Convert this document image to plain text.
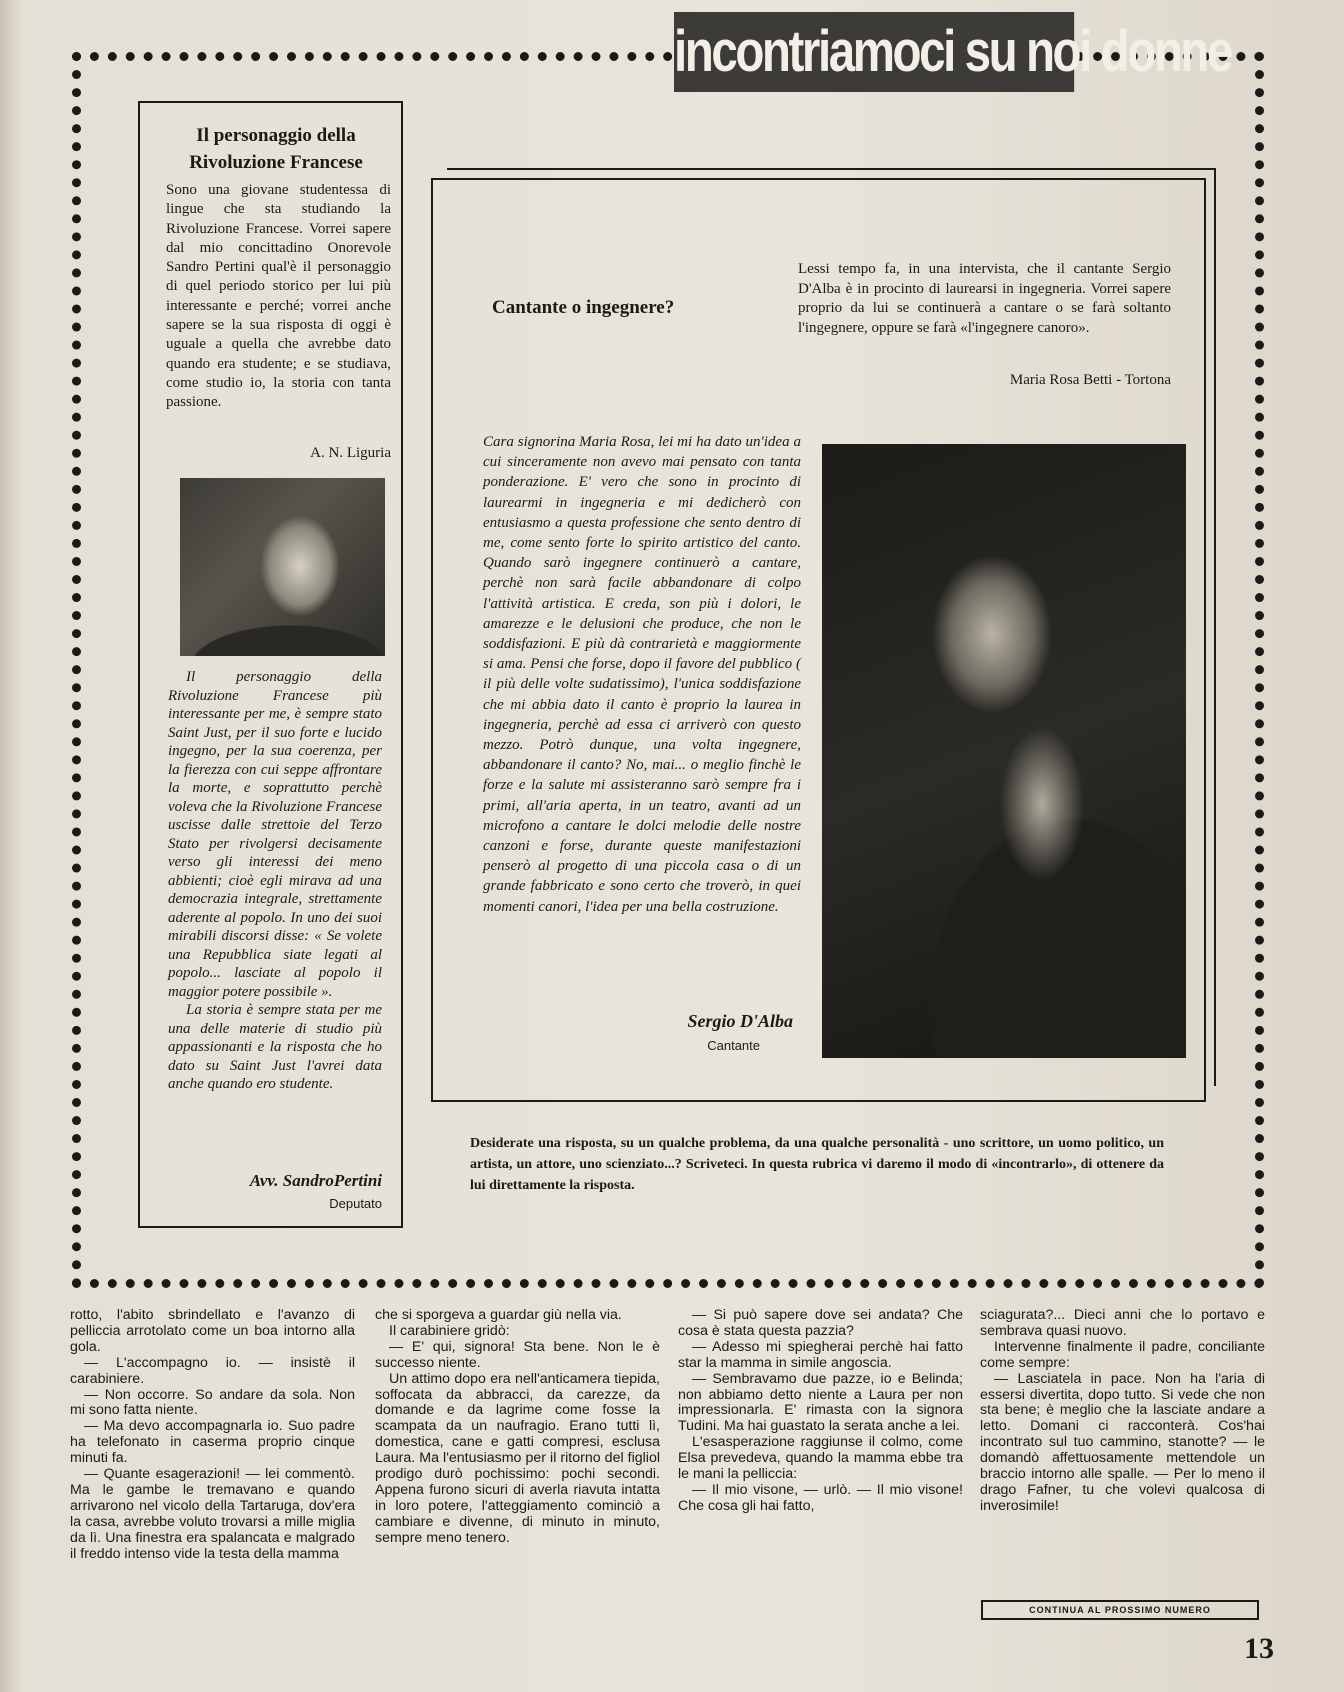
incontriamoci su noi donne
Il personaggio della Rivoluzione Francese
Sono una giovane studentessa di lingue che sta studiando la Rivoluzione Francese. Vorrei sapere dal mio concittadino Onorevole Sandro Pertini qual'è il personaggio di quel periodo storico per lui più interessante e perché; vorrei anche sapere se la sua risposta di oggi è uguale a quella che avrebbe dato quando era studente; e se studiava, come studio io, la storia con tanta passione.
A. N. Liguria

Il personaggio della Rivoluzione Francese più interessante per me, è sempre stato Saint Just, per il suo forte e lucido ingegno, per la sua coerenza, per la fierezza con cui seppe affrontare la morte, e soprattutto perchè voleva che la Rivoluzione Francese uscisse dalle strettoie del Terzo Stato per rivolgersi decisamente verso gli interessi dei meno abbienti; cioè egli mirava ad una democrazia integrale, strettamente aderente al popolo. In uno dei suoi mirabili discorsi disse: « Se volete una Repubblica siate legati al popolo... lasciate al popolo il maggior potere possibile ».

La storia è sempre stata per me una delle materie di studio più appassionanti e la risposta che ho dato su Saint Just l'avrei data anche quando ero studente.

Avv. SandroPertini
Deputato
Cantante o ingegnere?
Lessi tempo fa, in una intervista, che il cantante Sergio D'Alba è in procinto di laurearsi in ingegneria. Vorrei sapere proprio da lui se continuerà a cantare o se farà soltanto l'ingegnere, oppure se farà «l'ingegnere canoro».
Maria Rosa Betti - Tortona
Cara signorina Maria Rosa, lei mi ha dato un'idea a cui sinceramente non avevo mai pensato con tanta ponderazione. E' vero che sono in procinto di laurearmi in ingegneria e mi dedicherò con entusiasmo a questa professione che sento dentro di me, come sento forte lo spirito artistico del canto. Quando sarò ingegnere continuerò a cantare, perchè non sarà facile abbandonare di colpo l'attività artistica. E creda, son più i dolori, le amarezze e le delusioni che produce, che non le soddisfazioni. E più dà contrarietà e maggiormente si ama. Pensi che forse, dopo il favore del pubblico ( il più delle volte sudatissimo), l'unica soddisfazione che mi abbia dato il canto è proprio la laurea in ingegneria, perchè ad essa ci arriverò con questo mezzo. Potrò dunque, una volta ingegnere, abbandonare il canto? No, mai... o meglio finchè le forze e la salute mi assisteranno sarò sempre fra i primi, all'aria aperta, in un teatro, avanti ad un microfono a cantare le dolci melodie delle nostre canzoni e forse, durante queste manifestazioni penserò al progetto di una piccola casa o di un grande fabbricato e sono certo che troverò, in quei momenti canori, l'idea per una bella costruzione.
Sergio D'Alba
Cantante
Desiderate una risposta, su un qualche problema, da una qualche personalità - uno scrittore, un uomo politico, un artista, un attore, uno scienziato...? Scriveteci. In questa rubrica vi daremo il modo di «incontrarlo», di ottenere da lui direttamente la risposta.

rotto, l'abito sbrindellato e l'avanzo di pelliccia arrotolato come un boa intorno alla gola.

— L'accompagno io. — insistè il carabiniere.

— Non occorre. So andare da sola. Non mi sono fatta niente.

— Ma devo accompagnarla io. Suo padre ha telefonato in caserma proprio cinque minuti fa.

— Quante esagerazioni! — lei commentò. Ma le gambe le tremavano e quando arrivarono nel vicolo della Tartaruga, dov'era la casa, avrebbe voluto trovarsi a mille miglia da lì. Una finestra era spalancata e malgrado il freddo intenso vide la testa della mamma

che si sporgeva a guardar giù nella via.

Il carabiniere gridò:

— E' qui, signora! Sta bene. Non le è successo niente.

Un attimo dopo era nell'anticamera tiepida, soffocata da abbracci, da carezze, da domande e da lagrime come fosse la scampata da un naufragio. Erano tutti lì, domestica, cane e gatti compresi, esclusa Laura. Ma l'entusiasmo per il ritorno del figliol prodigo durò pochissimo: pochi secondi. Appena furono sicuri di averla riavuta intatta in loro potere, l'atteggiamento cominciò a cambiare e divenne, di minuto in minuto, sempre meno tenero.

— Si può sapere dove sei andata? Che cosa è stata questa pazzia?

— Adesso mi spiegherai perchè hai fatto star la mamma in simile angoscia.

— Sembravamo due pazze, io e Belinda; non abbiamo detto niente a Laura per non impressionarla. E' rimasta con la signora Tudini. Ma hai guastato la serata anche a lei.

L'esasperazione raggiunse il colmo, come Elsa prevedeva, quando la mamma ebbe tra le mani la pelliccia:

— Il mio visone, — urlò. — Il mio visone! Che cosa gli hai fatto,

sciagurata?... Dieci anni che lo portavo e sembrava quasi nuovo.

Intervenne finalmente il padre, conciliante come sempre:

— Lasciatela in pace. Non ha l'aria di essersi divertita, dopo tutto. Si vede che non sta bene; è meglio che la lasciate andare a letto. Domani ci racconterà. Cos'hai incontrato sul tuo cammino, stanotte? — le domandò affettuosamente mettendole un braccio intorno alle spalle. — Per lo meno il drago Fafner, tu che volevi qualcosa di inverosimile!

CONTINUA AL PROSSIMO NUMERO
13
